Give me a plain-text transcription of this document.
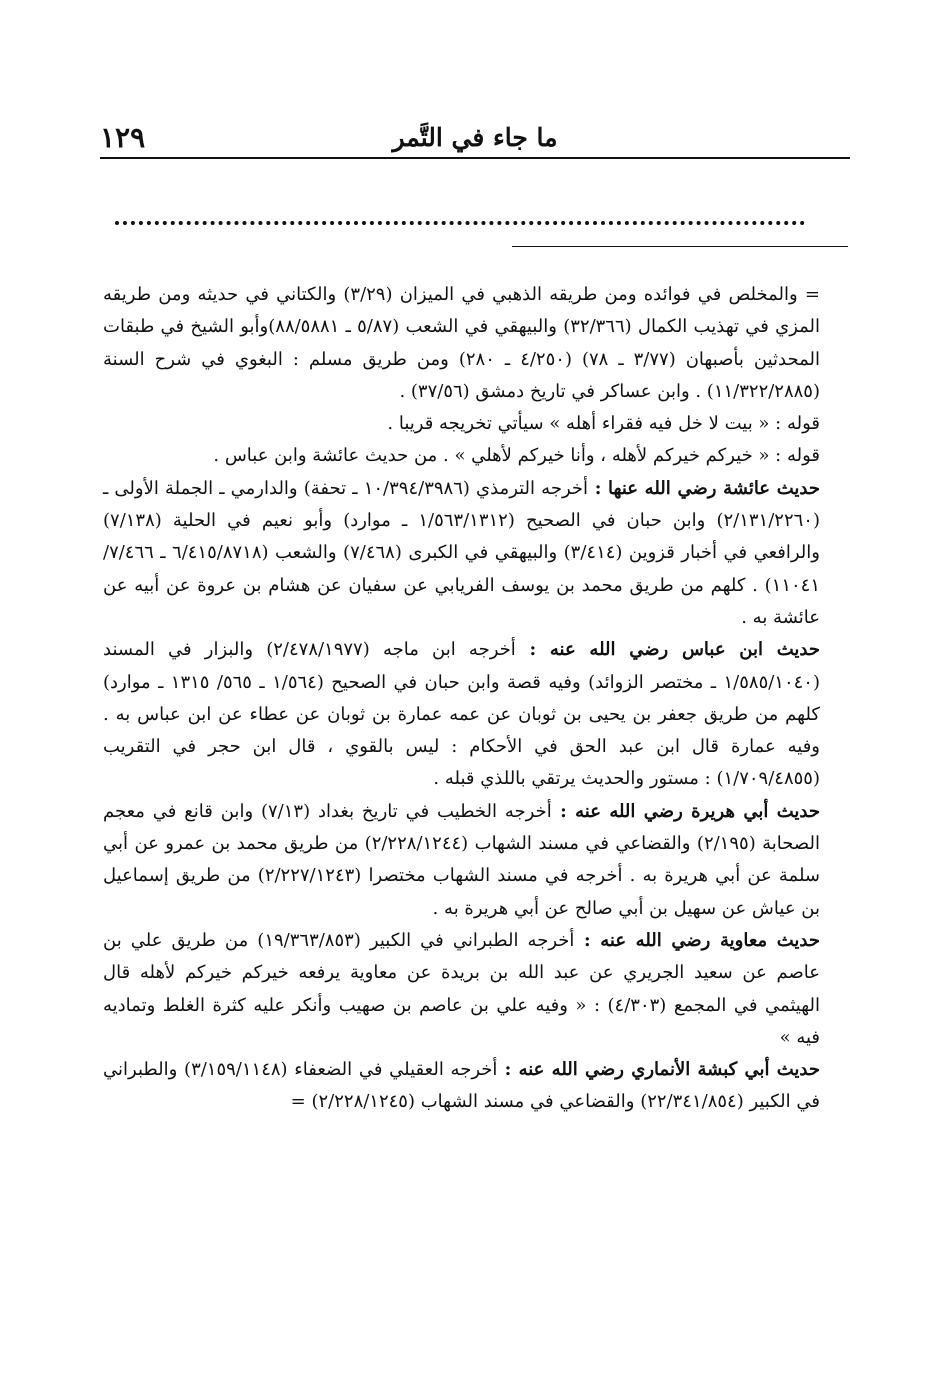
ما جاء في التَّمر
١٢٩

= والمخلص في فوائده ومن طريقه الذهبي في الميزان (٣/٢٩) والكتاني في حديثه ومن طريقه المزي في تهذيب الكمال (٣٢/٣٦٦) والبيهقي في الشعب (٥/٨٧ ـ ٨٨/٥٨٨١)وأبو الشيخ في طبقات المحدثين بأصبهان (٣/٧٧ ـ ٧٨) (٤/٢٥٠ ـ ٢٨٠) ومن طريق مسلم : البغوي في شرح السنة (١١/٣٢٢/٢٨٨٥) . وابن عساكر في تاريخ دمشق (٣٧/٥٦) .

قوله : « بيت لا خل فيه فقراء أهله » سيأتي تخريجه قريبا .

قوله : « خيركم خيركم لأهله ، وأنا خيركم لأهلي » . من حديث عائشة وابن عباس .

حديث عائشة رضي الله عنها : أخرجه الترمذي (١٠/٣٩٤/٣٩٨٦ ـ تحفة) والدارمي ـ الجملة الأولى ـ (٢/١٣١/٢٢٦٠) وابن حبان في الصحيح (١/٥٦٣/١٣١٢ ـ موارد) وأبو نعيم في الحلية (٧/١٣٨) والرافعي في أخبار قزوين (٣/٤١٤) والبيهقي في الكبرى (٧/٤٦٨) والشعب (٦/٤١٥/٨٧١٨ ـ ٧/٤٦٦/ ١١٠٤١) . كلهم من طريق محمد بن يوسف الفريابي عن سفيان عن هشام بن عروة عن أبيه عن عائشة به .

حديث ابن عباس رضي الله عنه : أخرجه ابن ماجه (٢/٤٧٨/١٩٧٧) والبزار في المسند (١/٥٨٥/١٠٤٠ ـ مختصر الزوائد) وفيه قصة وابن حبان في الصحيح (١/٥٦٤ ـ ٥٦٥/ ١٣١٥ ـ موارد) كلهم من طريق جعفر بن يحيى بن ثوبان عن عمه عمارة بن ثوبان عن عطاء عن ابن عباس به . وفيه عمارة قال ابن عبد الحق في الأحكام : ليس بالقوي ، قال ابن حجر في التقريب (١/٧٠٩/٤٨٥٥) : مستور والحديث يرتقي باللذي قبله .

حديث أبي هريرة رضي الله عنه : أخرجه الخطيب في تاريخ بغداد (٧/١٣) وابن قانع في معجم الصحابة (٢/١٩٥) والقضاعي في مسند الشهاب (٢/٢٢٨/١٢٤٤) من طريق محمد بن عمرو عن أبي سلمة عن أبي هريرة به . أخرجه في مسند الشهاب مختصرا (٢/٢٢٧/١٢٤٣) من طريق إسماعيل بن عياش عن سهيل بن أبي صالح عن أبي هريرة به .

حديث معاوية رضي الله عنه : أخرجه الطبراني في الكبير (١٩/٣٦٣/٨٥٣) من طريق علي بن عاصم عن سعيد الجريري عن عبد الله بن بريدة عن معاوية يرفعه خيركم خيركم لأهله قال الهيثمي في المجمع (٤/٣٠٣) : « وفيه علي بن عاصم بن صهيب وأنكر عليه كثرة الغلط وتماديه فيه »

حديث أبي كبشة الأنماري رضي الله عنه : أخرجه العقيلي في الضعفاء (٣/١٥٩/١١٤٨) والطبراني في الكبير (٢٢/٣٤١/٨٥٤) والقضاعي في مسند الشهاب (٢/٢٢٨/١٢٤٥) =
